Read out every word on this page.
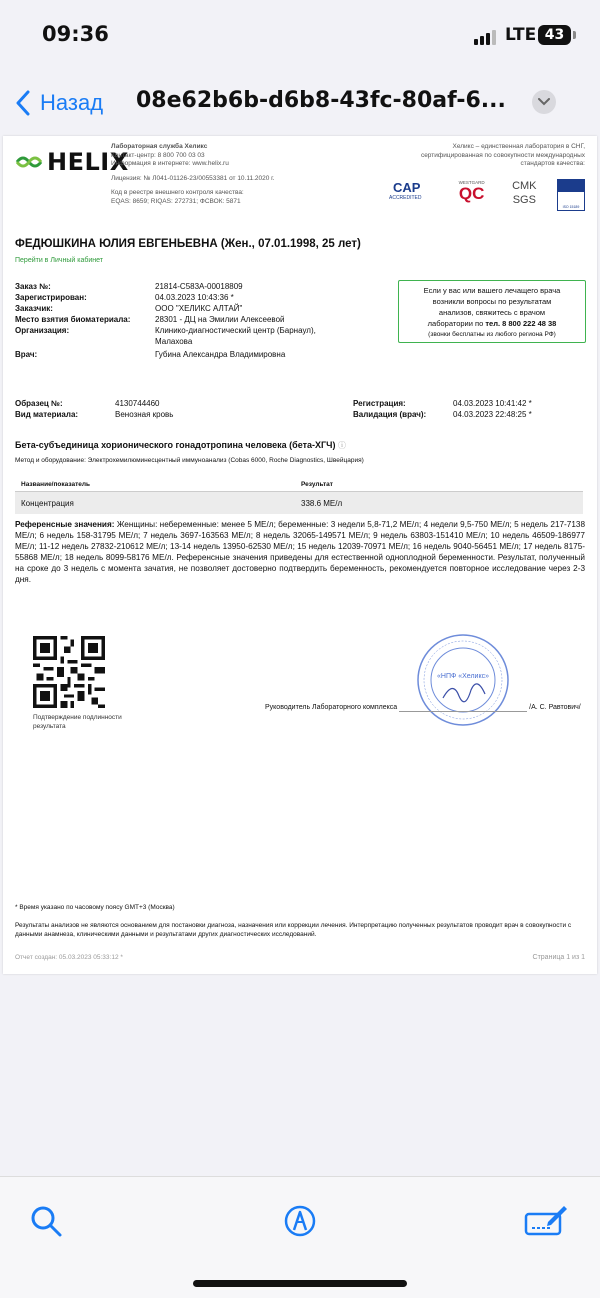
09:36	LTE 43
Назад 08e62b6b-d6b8-43fc-80af-6...
HELIX
Лабораторная служба Хеликс
Контакт-центр: 8 800 700 03 03
Информация в интернете: www.helix.ru
Лицензия: № Л041-01126-23/00553381 от 10.11.2020 г.
Код в реестре внешнего контроля качества:
EQAS: 8659; RIQAS: 272731; ФСВОК: 5871
Хеликс – единственная лаборатория в СНГ,
сертифицированная по совокупности международных
стандартов качества:
CAP
ACCREDITED
WESTGARD
QC	CMK
SGS
ISO 15189
ФЕДЮШКИНА ЮЛИЯ ЕВГЕНЬЕВНА (Жен., 07.01.1998, 25 лет)
Перейти в Личный кабинет
Заказ №:	21814-C583A-00018809
Зарегистрирован:	04.03.2023 10:43:36 *
Заказчик:	ООО "ХЕЛИКС АЛТАЙ"
Место взятия биоматериала:	28301 - ДЦ на Эмилии Алексеевой
Организация:	Клинико-диагностический центр (Барнаул), Малахова
Врач:	Губина Александра Владимировна
Если у вас или вашего лечащего врача
возникли вопросы по результатам
анализов, свяжитесь с врачом
лаборатории по тел. 8 800 222 48 38
(звонки бесплатны из любого региона РФ)
Образец №:	4130744460
Вид материала:	Венозная кровь
Регистрация:	04.03.2023 10:41:42 *
Валидация (врач):	04.03.2023 22:48:25 *
Бета-субъединица хорионического гонадотропина человека (бета-ХГЧ) ⓘ
Метод и оборудование: Электрохемилюминесцентный иммуноанализ (Cobas 6000, Roche Diagnostics, Швейцария)
Название/показатель	Результат
Концентрация	338.6 МЕ/л
Референсные значения: Женщины: небеременные: менее 5 МЕ/л; беременные: 3 недели 5,8-71,2 МЕ/л; 4 недели 9,5-750 МЕ/л; 5 недель 217-7138 МЕ/л; 6 недель 158-31795 МЕ/л; 7 недель 3697-163563 МЕ/л; 8 недель 32065-149571 МЕ/л; 9 недель 63803-151410 МЕ/л; 10 недель 46509-186977 МЕ/л; 11-12 недель 27832-210612 МЕ/л; 13-14 недель 13950-62530 МЕ/л; 15 недель 12039-70971 МЕ/л; 16 недель 9040-56451 МЕ/л; 17 недель 8175-55868 МЕ/л; 18 недель 8099-58176 МЕ/л. Референсные значения приведены для естественной одноплодной беременности. Результат, полученный на сроке до 3 недель с момента зачатия, не позволяет достоверно подтвердить беременность, рекомендуется повторное исследование через 2-3 дня.
Подтверждение подлинности результата
«НПФ «Хеликс»
Руководитель Лабораторного комплекса	/А. С. Равтович/
* Время указано по часовому поясу GMT+3 (Москва)
Результаты анализов не являются основанием для постановки диагноза, назначения или коррекции лечения. Интерпретацию полученных результатов проводит врач в совокупности с данными анамнеза, клиническими данными и результатами других диагностических исследований.
Отчет создан: 05.03.2023 05:33:12 *	Страница 1 из 1
